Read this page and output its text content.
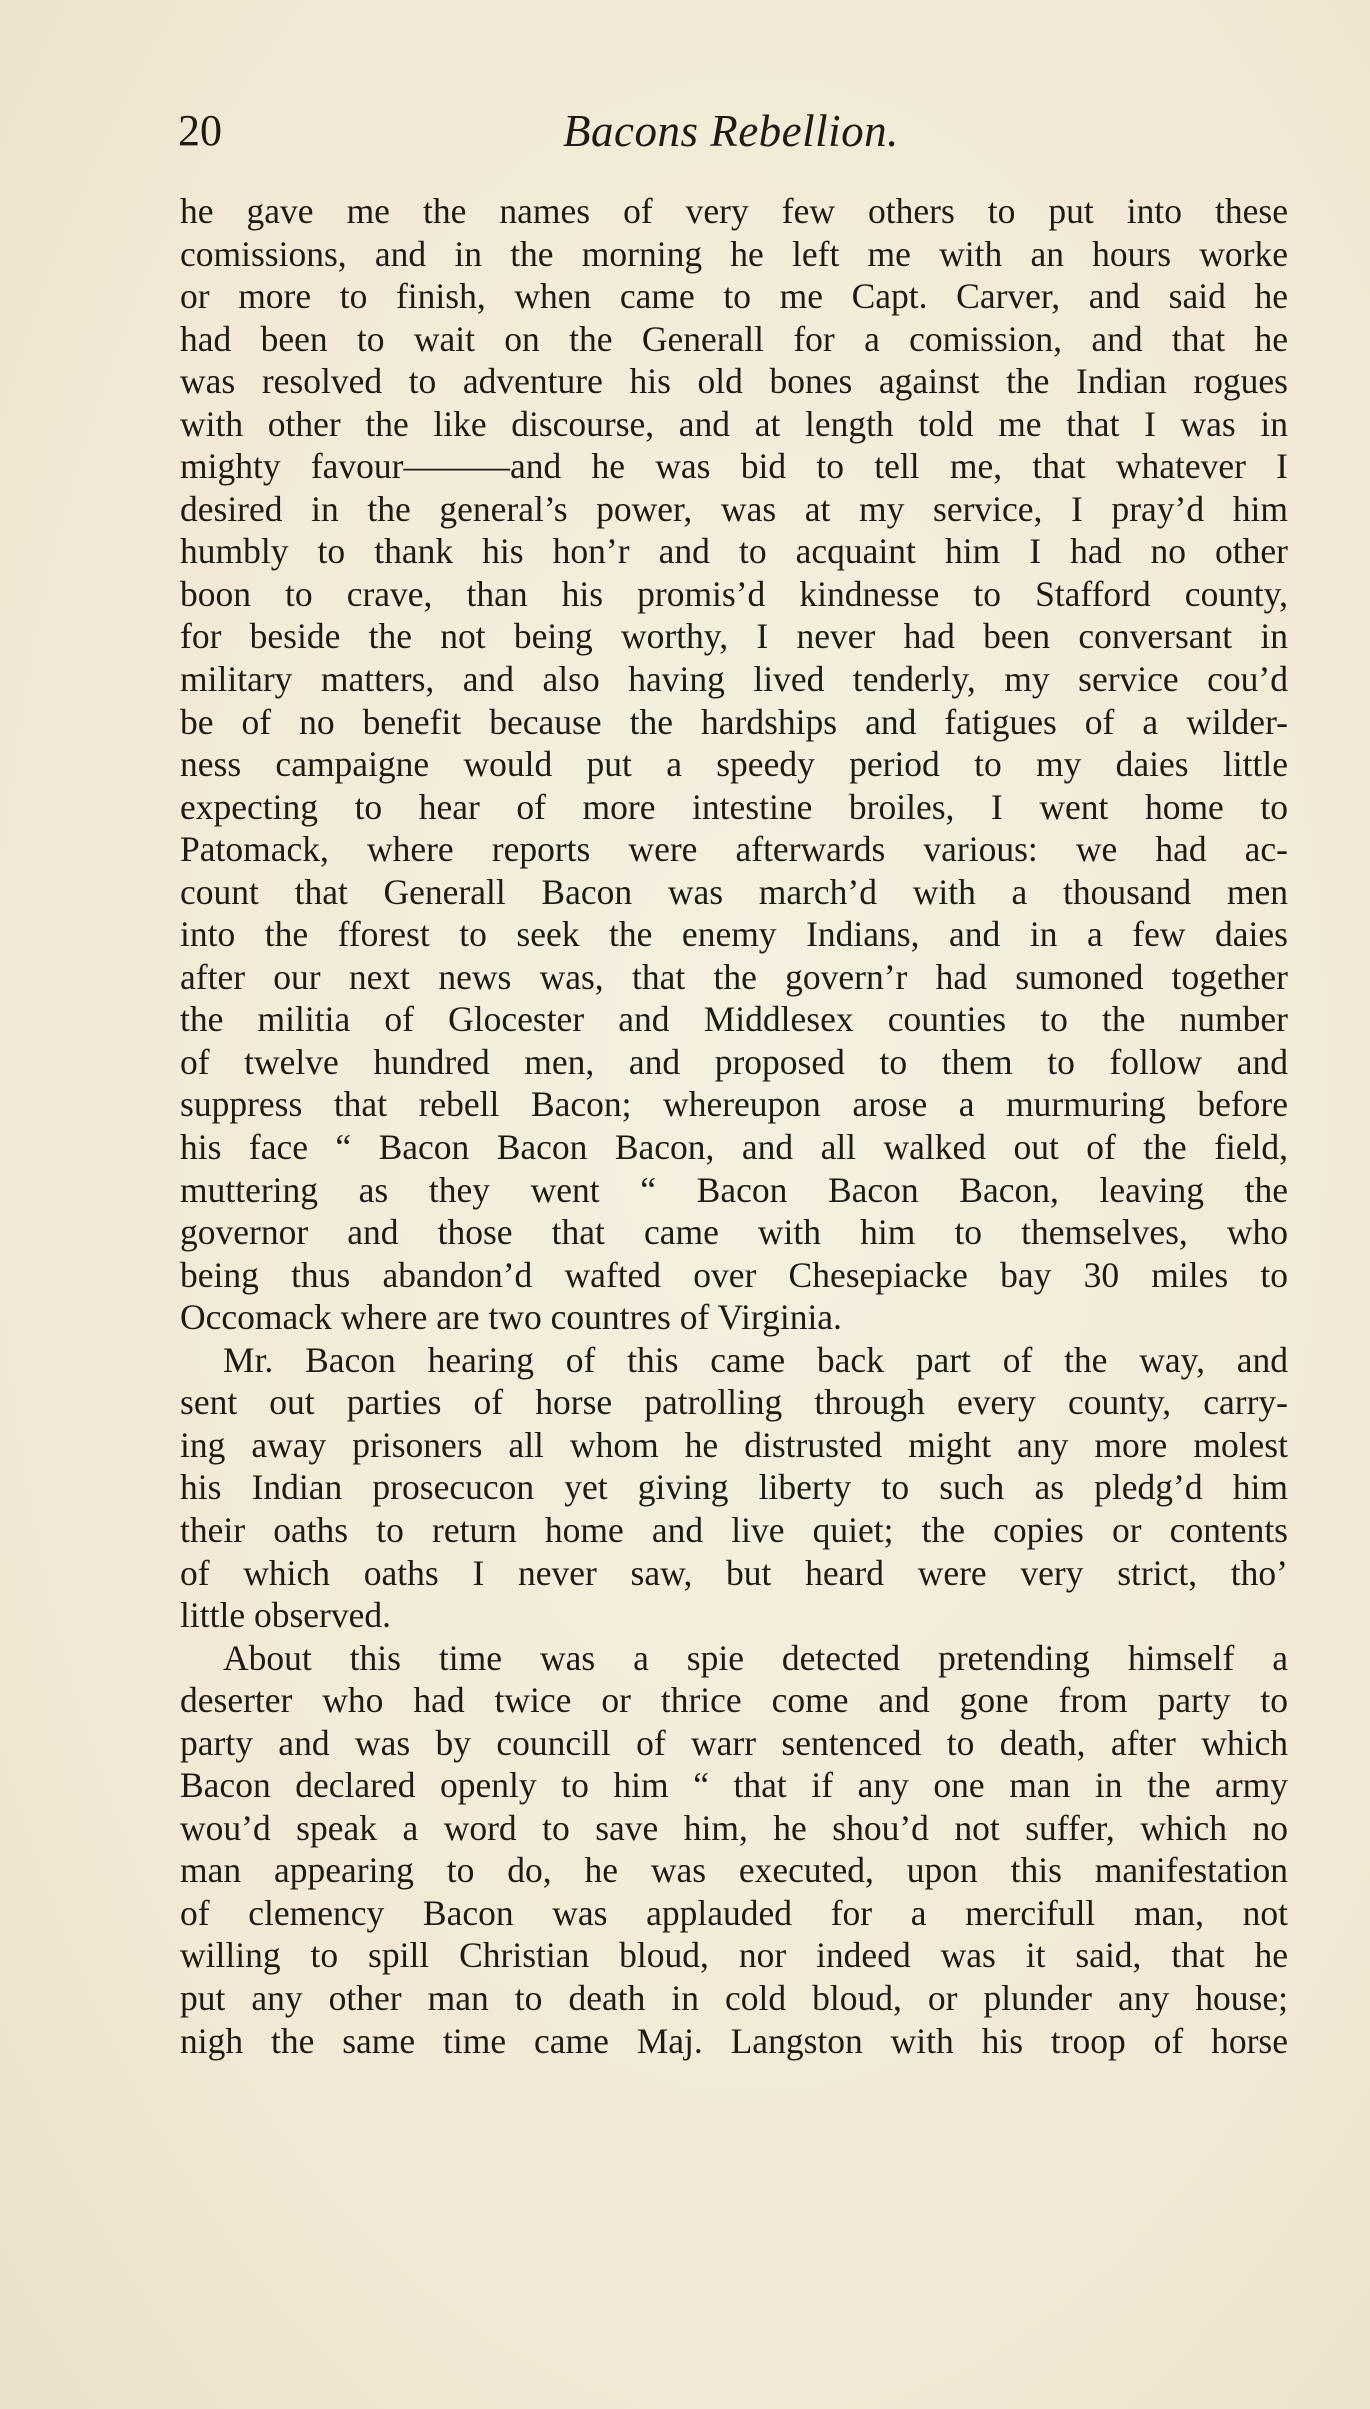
20	Bacons Rebellion.
he gave me the names of very few others to put into these
comissions, and in the morning he left me with an hours worke
or more to finish, when came to me Capt. Carver, and said he
had been to wait on the Generall for a comission, and that he
was resolved to adventure his old bones against the Indian rogues
with other the like discourse, and at length told me that I was in
mighty favour———and he was bid to tell me, that whatever I
desired in the general’s power, was at my service, I pray’d him
humbly to thank his hon’r and to acquaint him I had no other
boon to crave, than his promis’d kindnesse to Stafford county,
for beside the not being worthy, I never had been conversant in
military matters, and also having lived tenderly, my service cou’d
be of no benefit because the hardships and fatigues of a wilder-
ness campaigne would put a speedy period to my daies little
expecting to hear of more intestine broiles, I went home to
Patomack, where reports were afterwards various: we had ac-
count that Generall Bacon was march’d with a thousand men
into the fforest to seek the enemy Indians, and in a few daies
after our next news was, that the govern’r had sumoned together
the militia of Glocester and Middlesex counties to the number
of twelve hundred men, and proposed to them to follow and
suppress that rebell Bacon; whereupon arose a murmuring before
his face “ Bacon Bacon Bacon, and all walked out of the field,
muttering as they went “ Bacon Bacon Bacon, leaving the
governor and those that came with him to themselves, who
being thus abandon’d wafted over Chesepiacke bay 30 miles to
Occomack where are two countres of Virginia.
Mr. Bacon hearing of this came back part of the way, and
sent out parties of horse patrolling through every county, carry-
ing away prisoners all whom he distrusted might any more molest
his Indian prosecucon yet giving liberty to such as pledg’d him
their oaths to return home and live quiet; the copies or contents
of which oaths I never saw, but heard were very strict, tho’
little observed.
About this time was a spie detected pretending himself a
deserter who had twice or thrice come and gone from party to
party and was by councill of warr sentenced to death, after which
Bacon declared openly to him “ that if any one man in the army
wou’d speak a word to save him, he shou’d not suffer, which no
man appearing to do, he was executed, upon this manifestation
of clemency Bacon was applauded for a mercifull man, not
willing to spill Christian bloud, nor indeed was it said, that he
put any other man to death in cold bloud, or plunder any house;
nigh the same time came Maj. Langston with his troop of horse
